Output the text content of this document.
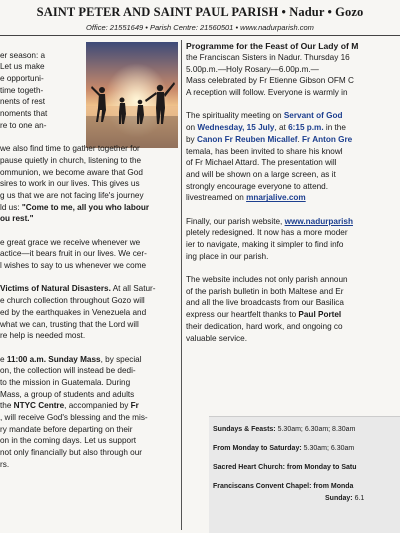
SAINT PETER AND SAINT PAUL PARISH • Nadur • Gozo
Office: 21551649 • Parish Centre: 21560501 • www.nadurparish.com
er season: a
Let us make
e opportuni-
time togeth-
nents of rest
noments that
re to one an-
we also find time to gather together for
pause quietly in church, listening to the
ommunion, we become aware that God
sires to work in our lives. This gives us
g us that we are not facing life's journey
ld us: "Come to me, all you who labour
ou rest."
e great grace we receive whenever we
actice—it bears fruit in our lives. We cer-
l wishes to say to us whenever we come
Victims of Natural Disasters. At all Satur-
e church collection throughout Gozo will
ed by the earthquakes in Venezuela and
what we can, trusting that the Lord will
re help is needed most.
e 11:00 a.m. Sunday Mass, by special
on, the collection will instead be dedi-
to the mission in Guatemala. During
Mass, a group of students and adults
the NTYC Centre, accompanied by Fr
, will receive God's blessing and the mis-
ry mandate before departing on their
on in the coming days. Let us support
not only financially but also through our
rs.
Programme for the Feast of Our Lady of M
the Franciscan Sisters in Nadur. Thursday 16
5.00p.m.—Holy Rosary—6.00p.m.—
Mass celebrated by Fr Etienne Gibson OFM C
A reception will follow. Everyone is warmly in
The spirituality meeting on Servant of God
on Wednesday, 15 July, at 6:15 p.m. in the
by Canon Fr Reuben Micallef. Fr Anton Gre
temala, has been invited to share his knowl
of Fr Michael Attard. The presentation will
and will be shown on a large screen, as it
strongly encourage everyone to attend.
livestreamed on mnarjalive.com
Finally, our parish website, www.nadurparish
pletely redesigned. It now has a more moder
ier to navigate, making it simpler to find info
ing place in our parish.
The website includes not only parish announ
of the parish bulletin in both Maltese and Er
and all the live broadcasts from our Basilica
express our heartfelt thanks to Paul Portel
their dedication, hard work, and ongoing co
valuable service.
Sundays & Feasts: 5.30am; 6.30am; 8.30am
From Monday to Saturday: 5.30am; 6.30am
Sacred Heart Church: from Monday to Satu
Franciscans Convent Chapel: from Monda
Sunday: 6.1
